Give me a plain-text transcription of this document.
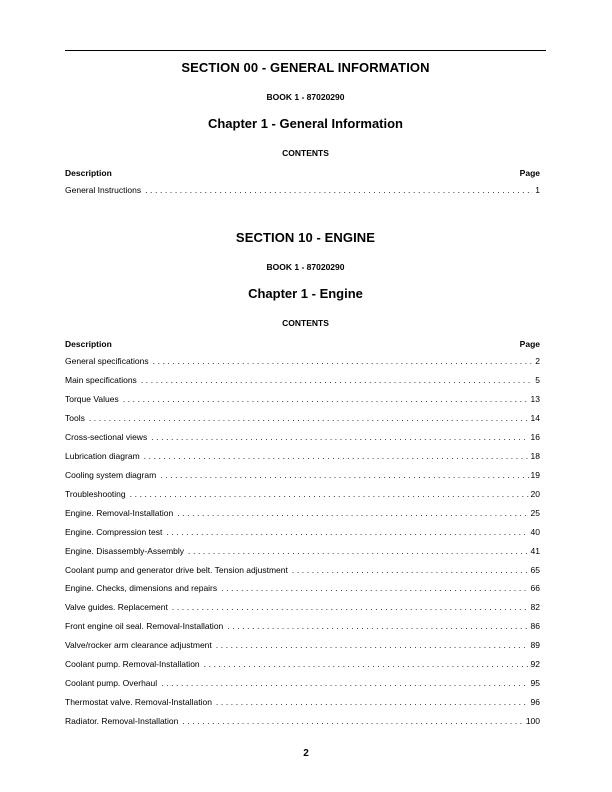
SECTION 00 - GENERAL INFORMATION
BOOK 1 - 87020290
Chapter 1 - General Information
CONTENTS
Description	Page
General Instructions .....	1
SECTION 10 - ENGINE
BOOK 1 - 87020290
Chapter 1 - Engine
CONTENTS
Description	Page
General specifications .....	2
Main specifications .....	5
Torque Values .....	13
Tools .....	14
Cross-sectional views .....	16
Lubrication diagram .....	18
Cooling system diagram .....	19
Troubleshooting .....	20
Engine. Removal-Installation .....	25
Engine. Compression test .....	40
Engine. Disassembly-Assembly .....	41
Coolant pump and generator drive belt. Tension adjustment .....	65
Engine. Checks, dimensions and repairs .....	66
Valve guides. Replacement .....	82
Front engine oil seal. Removal-Installation .....	86
Valve/rocker arm clearance adjustment .....	89
Coolant pump. Removal-Installation .....	92
Coolant pump. Overhaul .....	95
Thermostat valve. Removal-Installation .....	96
Radiator. Removal-Installation .....	100
2
